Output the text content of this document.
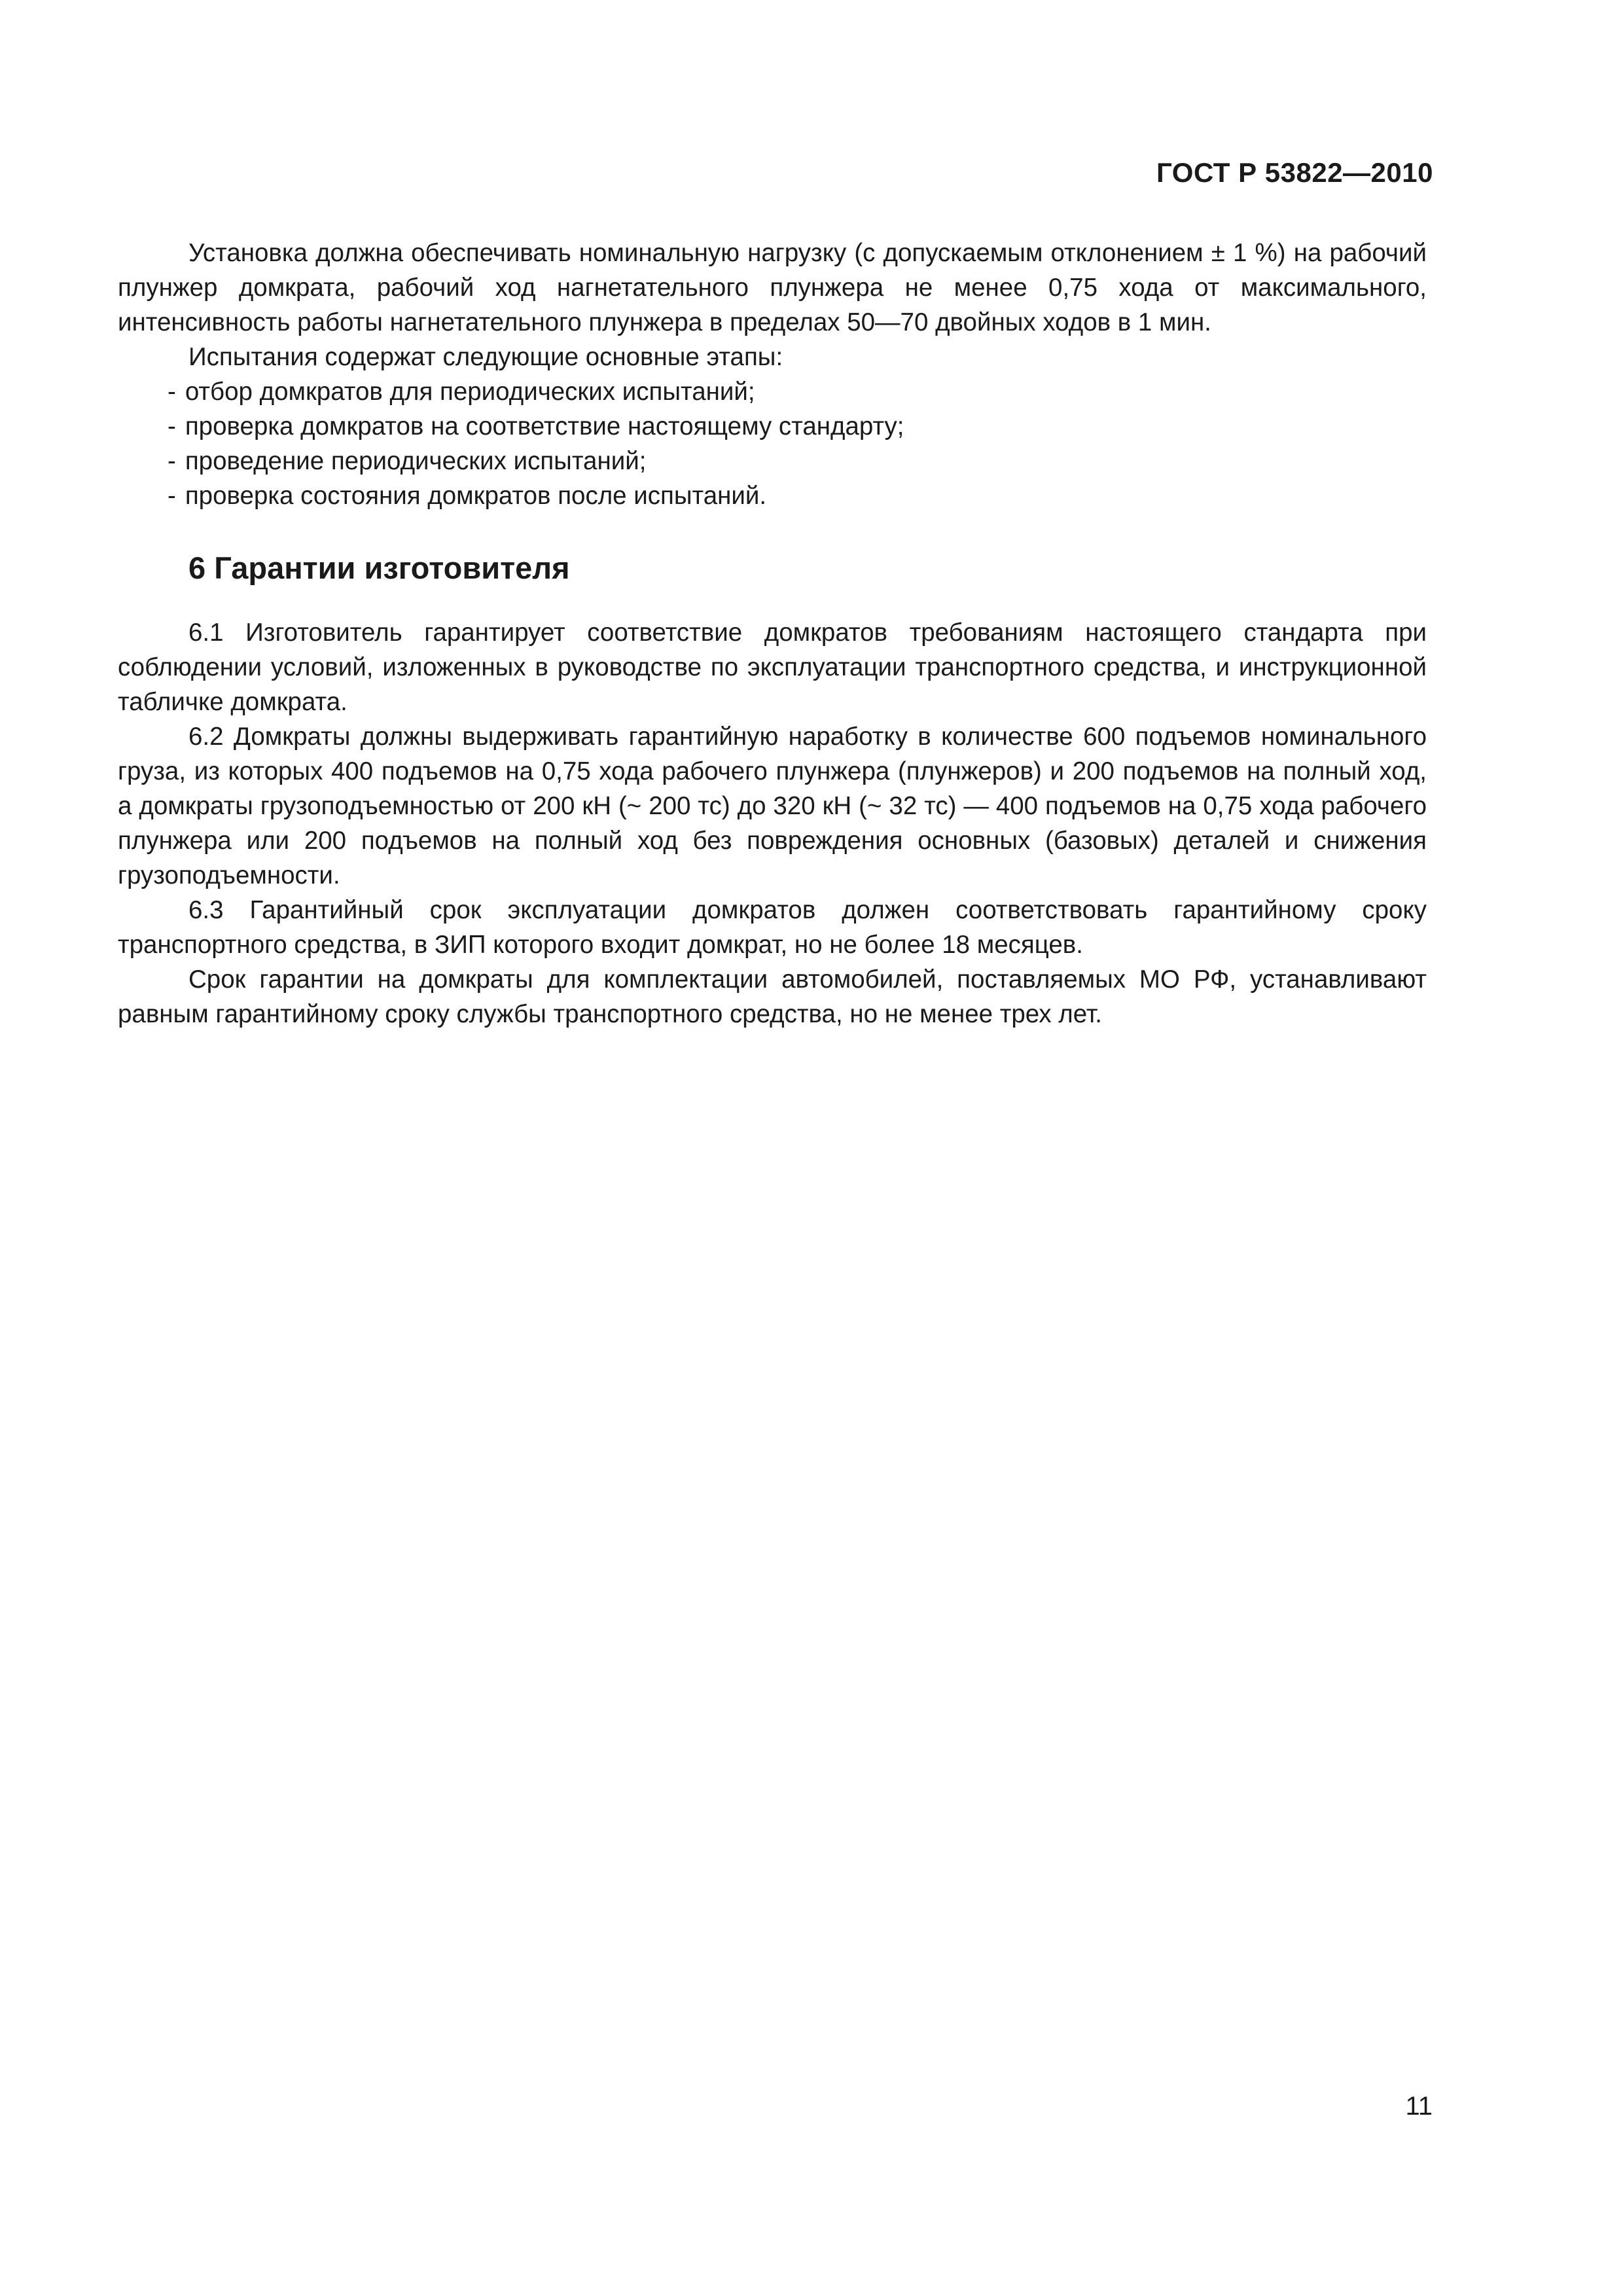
ГОСТ Р 53822—2010

Установка должна обеспечивать номинальную нагрузку (с допускаемым отклонением ± 1 %) на рабочий плунжер домкрата, рабочий ход нагнетательного плунжера не менее 0,75 хода от максимального, интенсивность работы нагнетательного плунжера в пределах 50—70 двойных ходов в 1 мин.

Испытания содержат следующие основные этапы:

- отбор домкратов для периодических испытаний;
- проверка домкратов на соответствие настоящему стандарту;
- проведение периодических испытаний;
- проверка состояния домкратов после испытаний.
6 Гарантии изготовителя

6.1 Изготовитель гарантирует соответствие домкратов требованиям настоящего стандарта при соблюдении условий, изложенных в руководстве по эксплуатации транспортного средства, и инструкционной табличке домкрата.

6.2 Домкраты должны выдерживать гарантийную наработку в количестве 600 подъемов номинального груза, из которых 400 подъемов на 0,75 хода рабочего плунжера (плунжеров) и 200 подъемов на полный ход, а домкраты грузоподъемностью от 200 кН (~ 200 тс) до 320 кН (~ 32 тс) — 400 подъемов на 0,75 хода рабочего плунжера или 200 подъемов на полный ход без повреждения основных (базовых) деталей и снижения грузоподъемности.

6.3 Гарантийный срок эксплуатации домкратов должен соответствовать гарантийному сроку транспортного средства, в ЗИП которого входит домкрат, но не более 18 месяцев.

Срок гарантии на домкраты для комплектации автомобилей, поставляемых МО РФ, устанавливают равным гарантийному сроку службы транспортного средства, но не менее трех лет.

11
